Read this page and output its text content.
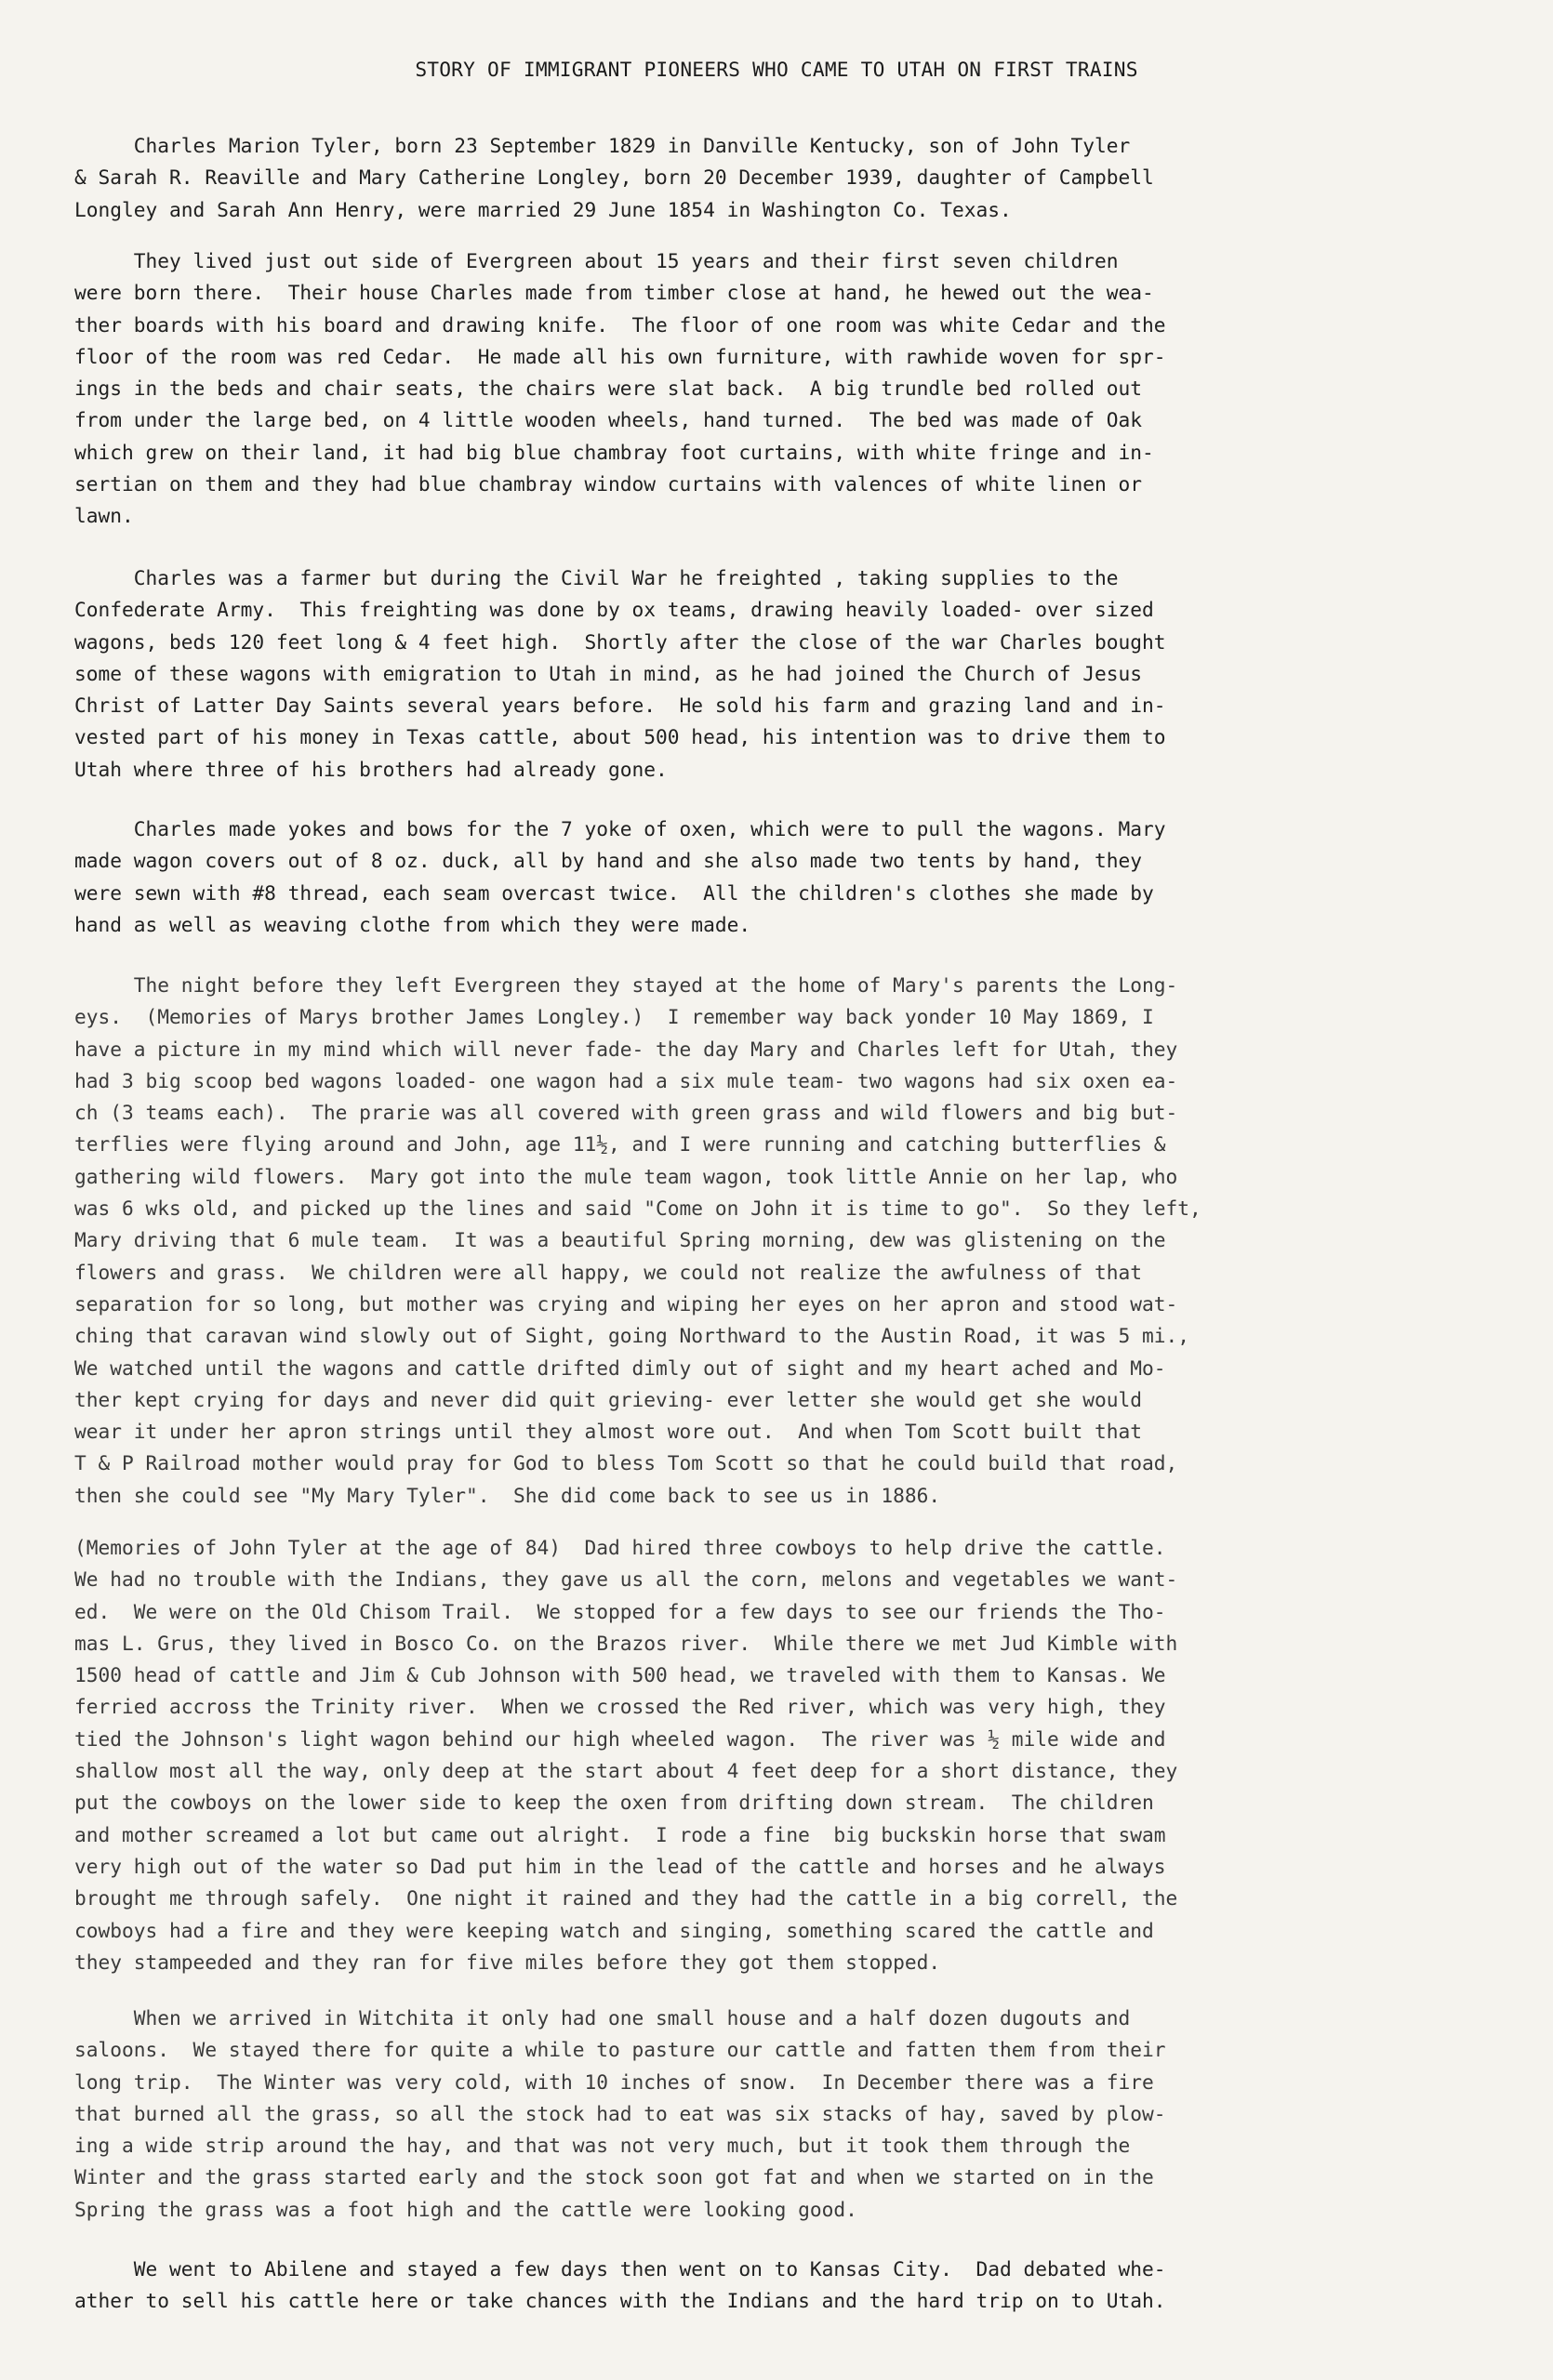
STORY OF IMMIGRANT PIONEERS WHO CAME TO UTAH ON FIRST TRAINS
Charles Marion Tyler, born 23 September 1829 in Danville Kentucky, son of John Tyler
& Sarah R. Reaville and Mary Catherine Longley, born 20 December 1939, daughter of Campbell
Longley and Sarah Ann Henry, were married 29 June 1854 in Washington Co. Texas.
They lived just out side of Evergreen about 15 years and their first seven children
were born there.  Their house Charles made from timber close at hand, he hewed out the wea-
ther boards with his board and drawing knife.  The floor of one room was white Cedar and the
floor of the room was red Cedar.  He made all his own furniture, with rawhide woven for spr-
ings in the beds and chair seats, the chairs were slat back.  A big trundle bed rolled out
from under the large bed, on 4 little wooden wheels, hand turned.  The bed was made of Oak
which grew on their land, it had big blue chambray foot curtains, with white fringe and in-
sertian on them and they had blue chambray window curtains with valences of white linen or
lawn.
Charles was a farmer but during the Civil War he freighted , taking supplies to the
Confederate Army.  This freighting was done by ox teams, drawing heavily loaded- over sized
wagons, beds 120 feet long & 4 feet high.  Shortly after the close of the war Charles bought
some of these wagons with emigration to Utah in mind, as he had joined the Church of Jesus
Christ of Latter Day Saints several years before.  He sold his farm and grazing land and in-
vested part of his money in Texas cattle, about 500 head, his intention was to drive them to
Utah where three of his brothers had already gone.
Charles made yokes and bows for the 7 yoke of oxen, which were to pull the wagons. Mary
made wagon covers out of 8 oz. duck, all by hand and she also made two tents by hand, they
were sewn with #8 thread, each seam overcast twice.  All the children's clothes she made by
hand as well as weaving clothe from which they were made.
The night before they left Evergreen they stayed at the home of Mary's parents the Long-
eys.  (Memories of Marys brother James Longley.)  I remember way back yonder 10 May 1869, I
have a picture in my mind which will never fade- the day Mary and Charles left for Utah, they
had 3 big scoop bed wagons loaded- one wagon had a six mule team- two wagons had six oxen ea-
ch (3 teams each).  The prarie was all covered with green grass and wild flowers and big but-
terflies were flying around and John, age 11½, and I were running and catching butterflies &
gathering wild flowers.  Mary got into the mule team wagon, took little Annie on her lap, who
was 6 wks old, and picked up the lines and said "Come on John it is time to go".  So they left,
Mary driving that 6 mule team.  It was a beautiful Spring morning, dew was glistening on the
flowers and grass.  We children were all happy, we could not realize the awfulness of that
separation for so long, but mother was crying and wiping her eyes on her apron and stood wat-
ching that caravan wind slowly out of Sight, going Northward to the Austin Road, it was 5 mi.,
We watched until the wagons and cattle drifted dimly out of sight and my heart ached and Mo-
ther kept crying for days and never did quit grieving- ever letter she would get she would
wear it under her apron strings until they almost wore out.  And when Tom Scott built that
T & P Railroad mother would pray for God to bless Tom Scott so that he could build that road,
then she could see "My Mary Tyler".  She did come back to see us in 1886.
(Memories of John Tyler at the age of 84)  Dad hired three cowboys to help drive the cattle.
We had no trouble with the Indians, they gave us all the corn, melons and vegetables we want-
ed.  We were on the Old Chisom Trail.  We stopped for a few days to see our friends the Tho-
mas L. Grus, they lived in Bosco Co. on the Brazos river.  While there we met Jud Kimble with
1500 head of cattle and Jim & Cub Johnson with 500 head, we traveled with them to Kansas. We
ferried accross the Trinity river.  When we crossed the Red river, which was very high, they
tied the Johnson's light wagon behind our high wheeled wagon.  The river was ½ mile wide and
shallow most all the way, only deep at the start about 4 feet deep for a short distance, they
put the cowboys on the lower side to keep the oxen from drifting down stream.  The children
and mother screamed a lot but came out alright.  I rode a fine  big buckskin horse that swam
very high out of the water so Dad put him in the lead of the cattle and horses and he always
brought me through safely.  One night it rained and they had the cattle in a big correll, the
cowboys had a fire and they were keeping watch and singing, something scared the cattle and
they stampeeded and they ran for five miles before they got them stopped.
When we arrived in Witchita it only had one small house and a half dozen dugouts and
saloons.  We stayed there for quite a while to pasture our cattle and fatten them from their
long trip.  The Winter was very cold, with 10 inches of snow.  In December there was a fire
that burned all the grass, so all the stock had to eat was six stacks of hay, saved by plow-
ing a wide strip around the hay, and that was not very much, but it took them through the
Winter and the grass started early and the stock soon got fat and when we started on in the
Spring the grass was a foot high and the cattle were looking good.
We went to Abilene and stayed a few days then went on to Kansas City.  Dad debated whe-
ather to sell his cattle here or take chances with the Indians and the hard trip on to Utah.
